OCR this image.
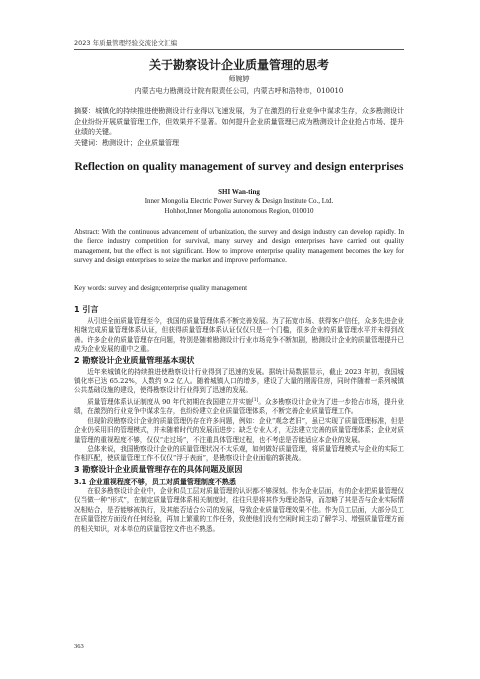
2023 年质量管理经验交流论文汇编
关于勘察设计企业质量管理的思考
师婉婷
内蒙古电力勘测设计院有限责任公司，内蒙古呼和浩特市，010010
摘要：城镇化的持续推进使勘测设计行业得以飞速发展，为了在激烈的行业竞争中谋求生存，众多勘测设计企业纷纷开展质量管理工作，但效果并不显著。如何提升企业质量管理已成为勘测设计企业抢占市场、提升业绩的关键。
关键词：勘测设计；企业质量管理
Reflection on quality management of survey and design enterprises
SHI Wan-ting
Inner Mongolia Electric Power Survey & Design Institute Co., Ltd.
Hohhot,Inner Mongolia autonomous Region, 010010
Abstract: With the continuous advancement of urbanization, the survey and design industry can develop rapidly. In the fierce industry competition for survival, many survey and design enterprises have carried out quality management, but the effect is not significant. How to improve enterprise quality management becomes the key for survey and design enterprises to seize the market and improve performance.
Key words: survey and design;enterprise quality management
1 引言

从引进全面质量管理至今，我国的质量管理体系不断完善发展。为了拓宽市场、获得客户信任，众多先进企业相继完成质量管理体系认证，但获得质量管理体系认证仅仅只是一个门槛，很多企业的质量管理水平并未得到改善。许多企业的质量管理存在问题，特别是随着勘测设计行业市场竞争不断加剧，勘测设计企业的质量管理提升已成为企业发展的重中之重。

2 勘察设计企业质量管理基本现状

近年来城镇化的持续推进使勘察设计行业得到了迅速的发展。据统计局数据显示，截止 2023 年初，我国城镇化率已达 65.22%，人数约 9.2 亿人。随着城镇人口的增多，建设了大量的刚需住房，同时伴随着一系列城镇公共基础设施的建设，使得勘察设计行业得到了迅速的发展。

质量管理体系认证制度从 90 年代初期在我国建立并实施[1]。众多勘察设计企业为了进一步抢占市场，提升业绩，在激烈的行业竞争中谋求生存，也纷纷建立企业质量管理体系，不断完善企业质量管理工作。

但现阶段勘察设计企业的质量管理仍存在许多问题，例如：企业“观念老旧”，虽已实现了质量管理标准，但是企业仍采用旧的管理模式，并未随着时代的发展而进步；缺乏专业人才，无法建立完善的质量管理体系；企业对质量管理的重视程度不够，仅仅“走过场”，不注重具体管理过程，也不考虑是否能适应本企业的发展。

总体来说，我国勘察设计企业的质量管理状况不太乐观，如何做好质量管理，将质量管理模式与企业的实际工作相匹配，使质量管理工作不仅仅“浮于表面”，是勘察设计企业面临的新挑战。

3 勘察设计企业质量管理存在的具体问题及原因
3.1 企业重视程度不够，员工对质量管理制度不熟悉

在很多勘察设计企业中，企业和员工层对质量管理的认识都不够深刻。作为企业层面，有的企业把质量管理仅仅当做一种“形式”，在制定质量管理体系相关制度时，往往只是将其作为理论指导，而忽略了其是否与企业实际情况相贴合，是否能够被执行，及其能否适合公司的发展，导致企业质量管理效果不佳。作为员工层面，大部分员工在质量管控方面没有任何经验，再加上繁重的工作任务，致使他们没有空闲时间主动了解学习、增强质量管理方面的相关知识，对本单位的质量管控文件也不熟悉。

363
